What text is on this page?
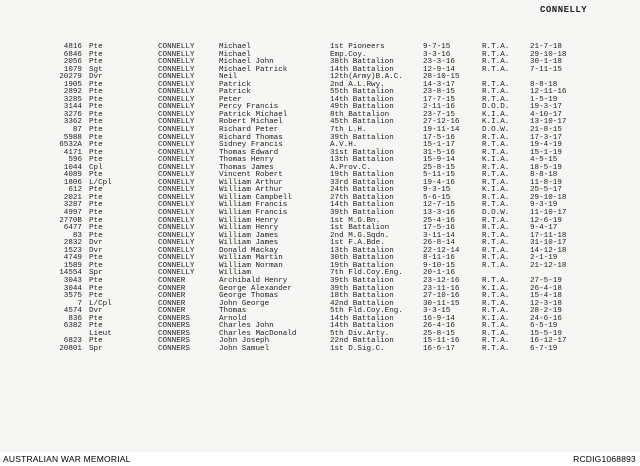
CONNELLY
4816 Pte	CONNELLY	Michael	1st Pioneers	9-7-15	R.T.A.	21-7-18
6846 Pte	CONNELLY	Michael	Emp.Coy.	3-3-16	R.T.A.	29-10-18
2056 Pte	CONNELLY	Michael John	38th Battalion	23-3-16	R.T.A.	30-1-18
1079 Sgt	CONNELLY	Michael Patrick	14th Battalion	12-9-14	R.T.A.	7-11-15
20279 Dvr	CONNELLY	Neil	12th(Army)B.A.C.	28-10-15
1905 Pte	CONNELLY	Patrick	2nd A.L.Rwy.	14-3-17	R.T.A.	8-8-18
2892 Pte	CONNELLY	Patrick	55th Battalion	23-8-15	R.T.A.	12-11-16
3285 Pte	CONNELLY	Peter	14th Battalion	17-7-15	R.T.A.	1-5-19
3144 Pte	CONNELLY	Percy Francis	49th Battalion	2-11-16	D.O.D.	19-3-17
3276 Pte	CONNELLY	Patrick Michael	8th Battalion	23-7-15	K.I.A.	4-10-17
3362 Pte	CONNELLY	Robert Michael	45th Battalion	27-12-16	K.I.A.	13-10-17
87 Pte	CONNELLY	Richard Peter	7th L.H.	19-11-14	D.O.W.	21-8-15
5988 Pte	CONNELLY	Richard Thomas	39th Battalion	17-5-16	R.T.A.	17-3-17
6532A Pte	CONNELLY	Sidney Francis	A.V.H.	15-1-17	R.T.A.	19-4-19
4171 Pte	CONNELLY	Thomas Edward	31st Battalion	31-5-16	R.T.A.	15-1-19
596 Pte	CONNELLY	Thomas Henry	13th Battalion	15-9-14	K.I.A.	4-5-15
1044 Cpl	CONNELLY	Thomas James	A.Prov.C.	25-8-15	R.T.A.	18-5-19
4089 Pte	CONNELLY	Vincent Robert	19th Battalion	5-11-15	R.T.A.	8-8-18
1806 L/Cpl	CONNELLY	William Arthur	33rd Battalion	19-4-16	R.T.A.	11-8-19
612 Pte	CONNELLY	William Arthur	24th Battalion	9-3-15	K.I.A.	25-5-17
2021 Pte	CONNELLY	William Campbell	27th Battalion	5-6-15	R.T.A.	29-10-18
3287 Pte	CONNELLY	William Francis	14th Battalion	12-7-15	R.T.A.	9-3-19
4997 Pte	CONNELLY	William Francis	39th Battalion	13-3-16	D.O.W.	11-10-17
2770B Pte	CONNELLY	William Henry	1st M.G.Bn.	25-4-16	R.T.A.	12-6-19
6477 Pte	CONNELLY	William Henry	1st Battalion	17-5-16	R.T.A.	9-4-17
83 Pte	CONNELLY	William James	2nd M.G.Sqdn.	3-11-14	R.T.A.	17-11-18
2832 Dvr	CONNELLY	William James	1st F.A.Bde.	26-8-14	R.T.A.	31-10-17
1523 Dvr	CONNELLY	Donald Mackay	13th Battalion	22-12-14	R.T.A.	14-12-18
4749 Pte	CONNELLY	William Martin	30th Battalion	8-11-16	R.T.A.	2-1-19
1589 Pte	CONNELLY	William Norman	19th Battalion	9-10-15	R.T.A.	21-12-18
14554 Spr	CONNELLY	William	7th Fld.Coy.Eng.	20-1-16
3043 Pte	CONNER	Archibald Henry	39th Battalion	23-12-16	R.T.A.	27-5-19
3044 Pte	CONNER	George Alexander	39th Battalion	23-11-16	K.I.A.	26-4-18
3575 Pte	CONNER	George Thomas	18th Battalion	27-10-16	R.T.A.	15-4-18
7 L/Cpl	CONNER	John George	42nd Battalion	30-11-15	R.T.A.	12-3-18
4574 Dvr	CONNER	Thomas	5th Fld.Coy.Eng.	3-3-15	R.T.A.	28-2-19
836 Pte	CONNERS	Arnold	14th Battalion	16-9-14	K.I.A.	24-6-16
6382 Pte	CONNERS	Charles John	14th Battalion	26-4-16	R.T.A.	6-5-19
Lieut	CONNERS	Charles MacDonald	5th Div.Arty.	25-8-15	R.T.A.	15-5-19
6823 Pte	CONNERS	John Joseph	22nd Battalion	15-11-16	R.T.A.	16-12-17
20801 Spr	CONNERS	John Samuel	1st D.Sig.C.	16-6-17	R.T.A.	6-7-19
AUSTRALIAN WAR MEMORIAL	RCDIG1068893
